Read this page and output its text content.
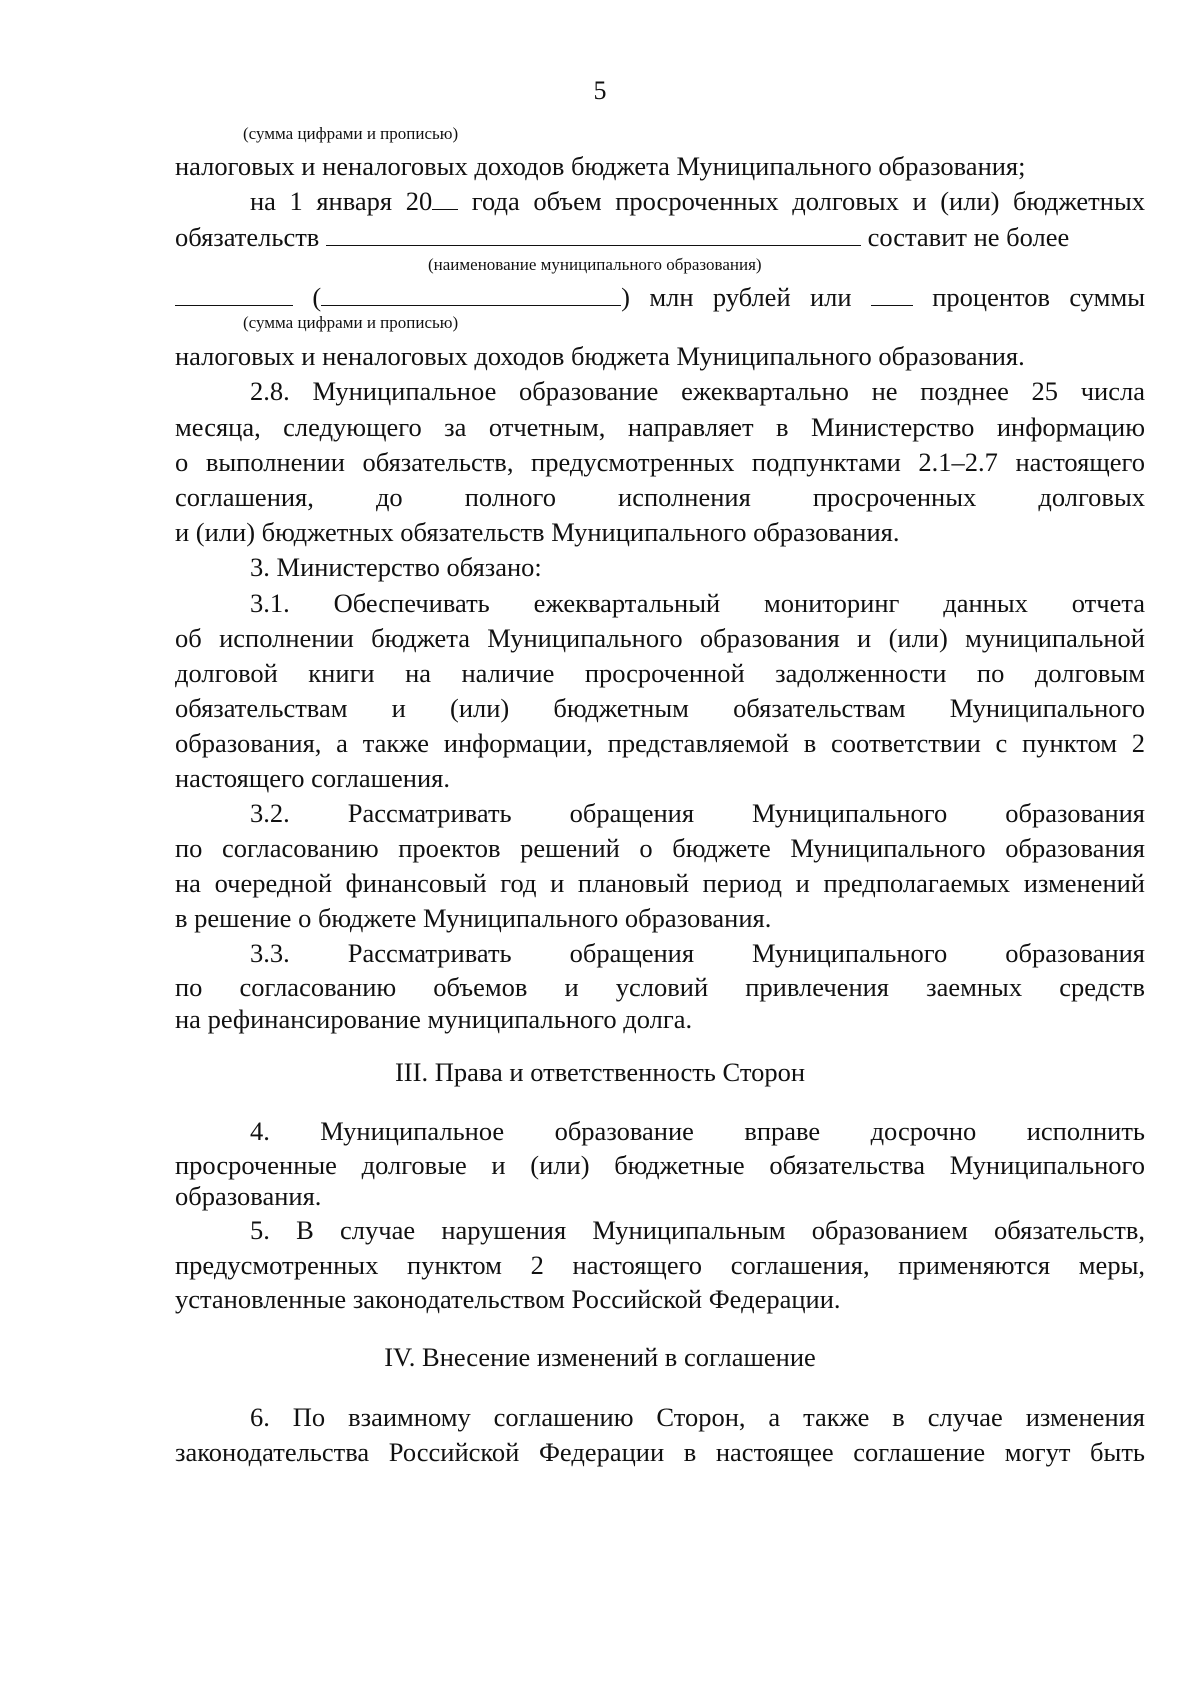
5
(сумма цифрами и прописью)
налоговых и неналоговых доходов бюджета Муниципального образования;
на 1 января 20 года объем просроченных долговых и (или) бюджетных
обязательств	составит не более
(наименование муниципального образования)
(	) млн рублей или	процентов суммы
(сумма цифрами и прописью)
налоговых и неналоговых доходов бюджета Муниципального образования.
2.8. Муниципальное образование ежеквартально не позднее 25 числа
месяца, следующего за отчетным, направляет в Министерство информацию
о выполнении обязательств, предусмотренных подпунктами 2.1–2.7 настоящего
соглашения, до полного исполнения просроченных долговых
и (или) бюджетных обязательств Муниципального образования.
3. Министерство обязано:
3.1. Обеспечивать ежеквартальный мониторинг данных отчета
об исполнении бюджета Муниципального образования и (или) муниципальной
долговой книги на наличие просроченной задолженности по долговым
обязательствам и (или) бюджетным обязательствам Муниципального
образования, а также информации, представляемой в соответствии с пунктом 2
настоящего соглашения.
3.2. Рассматривать обращения Муниципального образования
по согласованию проектов решений о бюджете Муниципального образования
на очередной финансовый год и плановый период и предполагаемых изменений
в решение о бюджете Муниципального образования.
3.3. Рассматривать обращения Муниципального образования
по согласованию объемов и условий привлечения заемных средств
на рефинансирование муниципального долга.
III. Права и ответственность Сторон
4. Муниципальное образование вправе досрочно исполнить
просроченные долговые и (или) бюджетные обязательства Муниципального
образования.
5. В случае нарушения Муниципальным образованием обязательств,
предусмотренных пунктом 2 настоящего соглашения, применяются меры,
установленные законодательством Российской Федерации.
IV. Внесение изменений в соглашение
6. По взаимному соглашению Сторон, а также в случае изменения
законодательства Российской Федерации в настоящее соглашение могут быть
